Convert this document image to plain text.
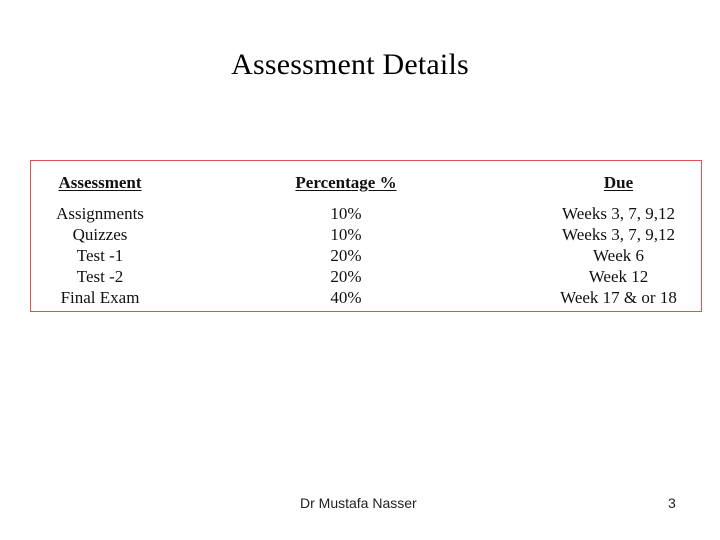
Assessment Details
Assessment	Percentage %	Due
Assignments	10%	Weeks 3, 7, 9,12
Quizzes	10%	Weeks 3, 7, 9,12
Test -1	20%	Week 6
Test -2	20%	Week 12
Final Exam	40%	Week 17 & or 18
Dr Mustafa Nasser	3
